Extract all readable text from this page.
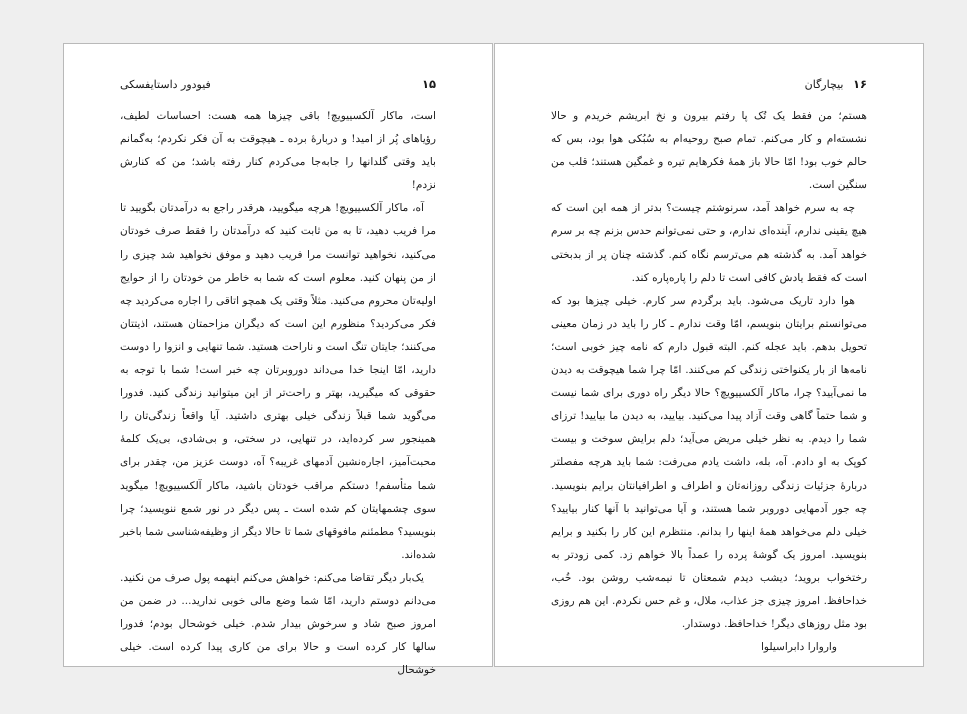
۱۵
فیودور داستایفسکی

است، ماکار آلکسییویچ! باقی چیزها همه هست: احساسات لطیف، رؤیاهای پُر از امید! و دربارهٔ برده ـ هیچوقت به آن فکر نکردم؛ به‌گمانم باید وقتی گلدانها را جابه‌جا می‌کردم کنار رفته باشد؛ من که کنارش نزدم!

آه، ماکار آلکسییویچ! هرچه میگویید، هرقدر راجع به درآمدتان بگویید تا مرا فریب دهید، تا به من ثابت کنید که درآمدتان را فقط صرف خودتان می‌کنید، نخواهید توانست مرا فریب دهید و موفق نخواهید شد چیزی را از من پنهان کنید. معلوم است که شما به خاطر من خودتان را از حوایج اولیه‌تان محروم می‌کنید. مثلاً وقتی یک همچو اتاقی را اجاره می‌کردید چه فکر می‌کردید؟ منظورم این است که دیگران مزاحمتان هستند، اذیتتان می‌کنند؛ جایتان تنگ است و ناراحت هستید. شما تنهایی و انزوا را دوست دارید، امّا اینجا خدا می‌داند دوروبرتان چه خبر است! شما با توجه به حقوقی که میگیرید، بهتر و راحت‌تر از این میتوانید زندگی کنید. فدورا می‌گوید شما قبلاً زندگی خیلی بهتری داشتید. آیا واقعاً زندگی‌تان را همینجور سر کرده‌اید، در تنهایی، در سختی، و بی‌شادی، بی‌یک کلمهٔ محبت‌آمیز، اجاره‌نشین آدمهای غریبه؟ آه، دوست عزیز من، چقدر برای شما متأسفم! دستکم مراقب خودتان باشید، ماکار آلکسییویچ! میگوید سوی چشمهایتان کم شده است ـ پس دیگر در نور شمع ننویسید؛ چرا بنویسید؟ مطمئنم مافوقهای شما تا حالا دیگر از وظیفه‌شناسی شما باخبر شده‌اند.

یک‌بار دیگر تقاضا می‌کنم: خواهش می‌کنم اینهمه پول صرف من نکنید. می‌دانم دوستم دارید، امّا شما وضع مالی خوبی ندارید... در ضمن من امروز صبح شاد و سرخوش بیدار شدم. خیلی خوشحال بودم؛ فدورا سالها کار کرده است و حالا برای من کاری پیدا کرده است. خیلی خوشحال

۱۶ بیچارگان

هستم؛ من فقط یک تُک پا رفتم بیرون و نخ ابریشم خریدم و حالا نشسته‌ام و کار می‌کنم. تمام صبح روحیه‌ام به سُبُکی هوا بود، بس که حالم خوب بود! امّا حالا باز همهٔ فکرهایم تیره و غمگین هستند؛ قلب من سنگین است.

چه به سرم خواهد آمد، سرنوشتم چیست؟ بدتر از همه این است که هیچ یقینی ندارم، آینده‌ای ندارم، و حتی نمی‌توانم حدس بزنم چه بر سرم خواهد آمد. به گذشته هم می‌ترسم نگاه کنم. گذشته چنان پر از بدبختی است که فقط یادش کافی است تا دلم را پاره‌پاره کند.

هوا دارد تاریک می‌شود. باید برگردم سر کارم. خیلی چیزها بود که می‌توانستم برایتان بنویسم، امّا وقت ندارم ـ کار را باید در زمان معینی تحویل بدهم. باید عجله کنم. البته قبول دارم که نامه چیز خوبی است؛ نامه‌ها از بار یکنواختی زندگی کم می‌کنند. امّا چرا شما هیچوقت به دیدن ما نمی‌آیید؟ چرا، ماکار آلکسییویچ؟ حالا دیگر راه دوری برای شما نیست و شما حتماً گاهی وقت آزاد پیدا می‌کنید. بیایید، به دیدن ما بیایید! ترزای شما را دیدم. به نظر خیلی مریض می‌آید؛ دلم برایش سوخت و بیست کوپک به او دادم. آه، بله، داشت یادم می‌رفت: شما باید هرچه مفصلتر دربارهٔ جزئیات زندگی روزانه‌تان و اطراف و اطرافیانتان برایم بنویسید. چه جور آدمهایی دوروبر شما هستند، و آیا می‌توانید با آنها کنار بیایید؟ خیلی دلم می‌خواهد همهٔ اینها را بدانم. منتظرم این کار را بکنید و برایم بنویسید. امروز یک گوشهٔ پرده را عمداً بالا خواهم زد. کمی زودتر به رختخواب بروید؛ دیشب دیدم شمعتان تا نیمه‌شب روشن بود. خُب، خداحافظ. امروز چیزی جز عذاب، ملال، و غم حس نکردم. این هم روزی بود مثل روزهای دیگر! خداحافظ. دوستدار.

واروارا دابراسیلوا
